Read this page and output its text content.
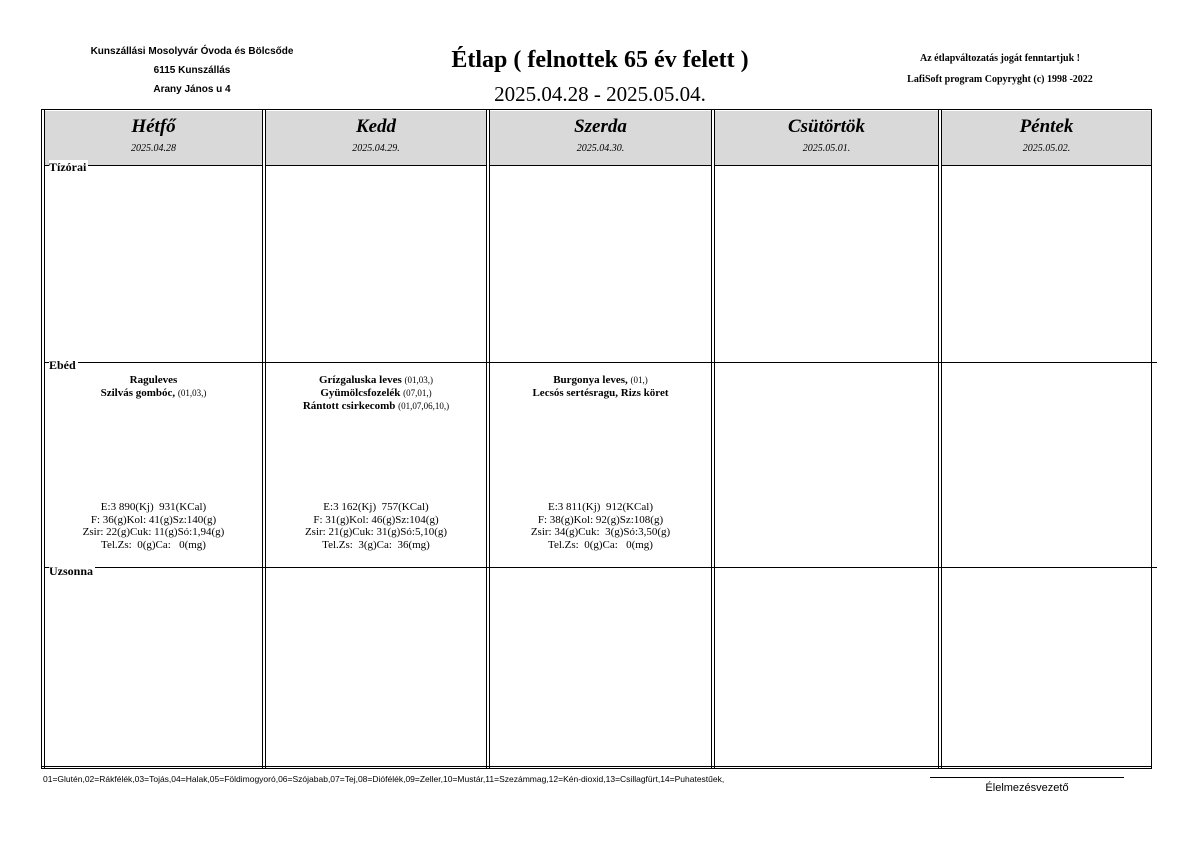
Kunszállási Mosolyvár Óvoda és Bölcsőde
6115 Kunszállás
Arany János u 4
Étlap ( felnottek 65 év felett )
2025.04.28 - 2025.05.04.
Az étlapváltozatás jogát fenntartjuk !
LafiSoft program Copyryght (c) 1998 -2022
Hétfő
2025.04.28
Kedd
2025.04.29.
Szerda
2025.04.30.
Csütörtök
2025.05.01.
Péntek
2025.05.02.
Tízórai
Ebéd
Uzsonna
Raguleves
Szilvás gombóc, (01,03,)
E:3 890(Kj)  931(KCal)
F: 36(g)Kol: 41(g)Sz:140(g)
Zsir: 22(g)Cuk: 11(g)Só:1,94(g)
Tel.Zs:  0(g)Ca:   0(mg)
Grízgaluska leves (01,03,)
Gyümölcsfozelék (07,01,)
Rántott csirkecomb (01,07,06,10,)
E:3 162(Kj)  757(KCal)
F: 31(g)Kol: 46(g)Sz:104(g)
Zsir: 21(g)Cuk: 31(g)Só:5,10(g)
Tel.Zs:  3(g)Ca:  36(mg)
Burgonya leves, (01,)
Lecsós sertésragu, Rizs köret
E:3 811(Kj)  912(KCal)
F: 38(g)Kol: 92(g)Sz:108(g)
Zsir: 34(g)Cuk:  3(g)Só:3,50(g)
Tel.Zs:  0(g)Ca:   0(mg)
01=Glutén,02=Rákfélék,03=Tojás,04=Halak,05=Földimogyoró,06=Szójabab,07=Tej,08=Diófélék,09=Zeller,10=Mustár,11=Szezámmag,12=Kén-dioxid,13=Csillagfürt,14=Puhatestűek,
Élelmezésvezető
